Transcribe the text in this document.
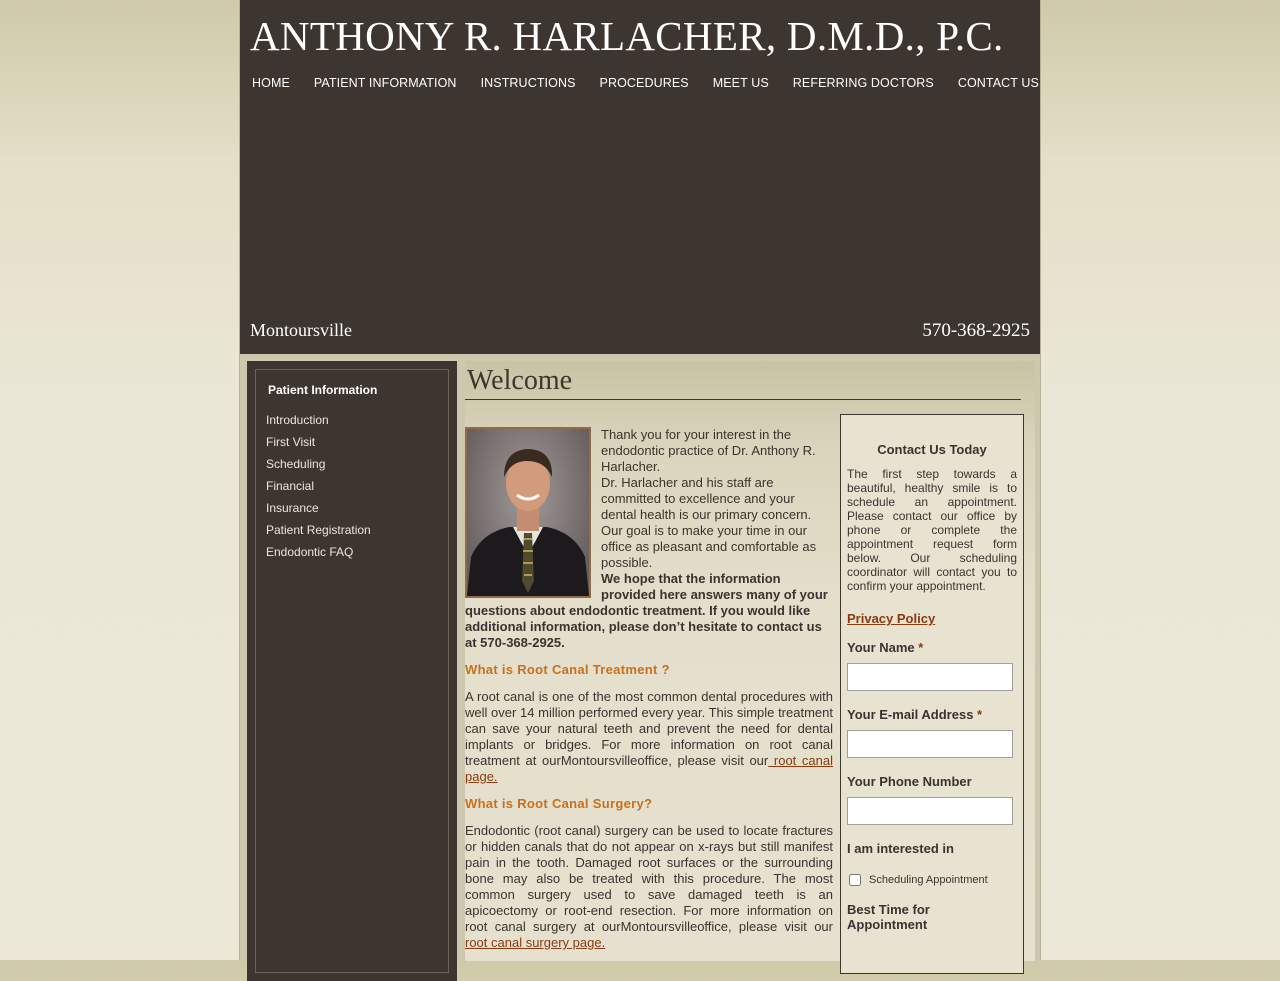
ANTHONY R. HARLACHER, D.M.D., P.C.
HOME PATIENT INFORMATION INSTRUCTIONS PROCEDURES MEET US REFERRING DOCTORS CONTACT US
Montoursville	570-368-2925
Patient Information
Introduction
First Visit
Scheduling
Financial
Insurance
Patient Registration
Endodontic FAQ
Welcome

Thank you for your interest in the endodontic practice of Dr. Anthony R. Harlacher.

Dr. Harlacher and his staff are committed to excellence and your dental health is our primary concern. Our goal is to make your time in our office as pleasant and comfortable as possible.

We hope that the information provided here answers many of your questions about endodontic treatment. If you would like additional information, please don’t hesitate to contact us at 570-368-2925.

What is Root Canal Treatment ?

A root canal is one of the most common dental procedures with well over 14 million performed every year. This simple treatment can save your natural teeth and prevent the need for dental implants or bridges. For more information on root canal treatment at ourMontoursvilleoffice, please visit our root canal page.

What is Root Canal Surgery?

Endodontic (root canal) surgery can be used to locate fractures or hidden canals that do not appear on x-rays but still manifest pain in the tooth. Damaged root surfaces or the surrounding bone may also be treated with this procedure. The most common surgery used to save damaged teeth is an apicoectomy or root-end resection. For more information on root canal surgery at ourMontoursvilleoffice, please visit our root canal surgery page.

Contact Us Today

The first step towards a beautiful, healthy smile is to schedule an appointment. Please contact our office by phone or complete the appointment request form below. Our scheduling coordinator will contact you to confirm your appointment.

Privacy Policy
Your Name *
Your E-mail Address *
Your Phone Number
I am interested in
Scheduling Appointment
Best Time for Appointment
